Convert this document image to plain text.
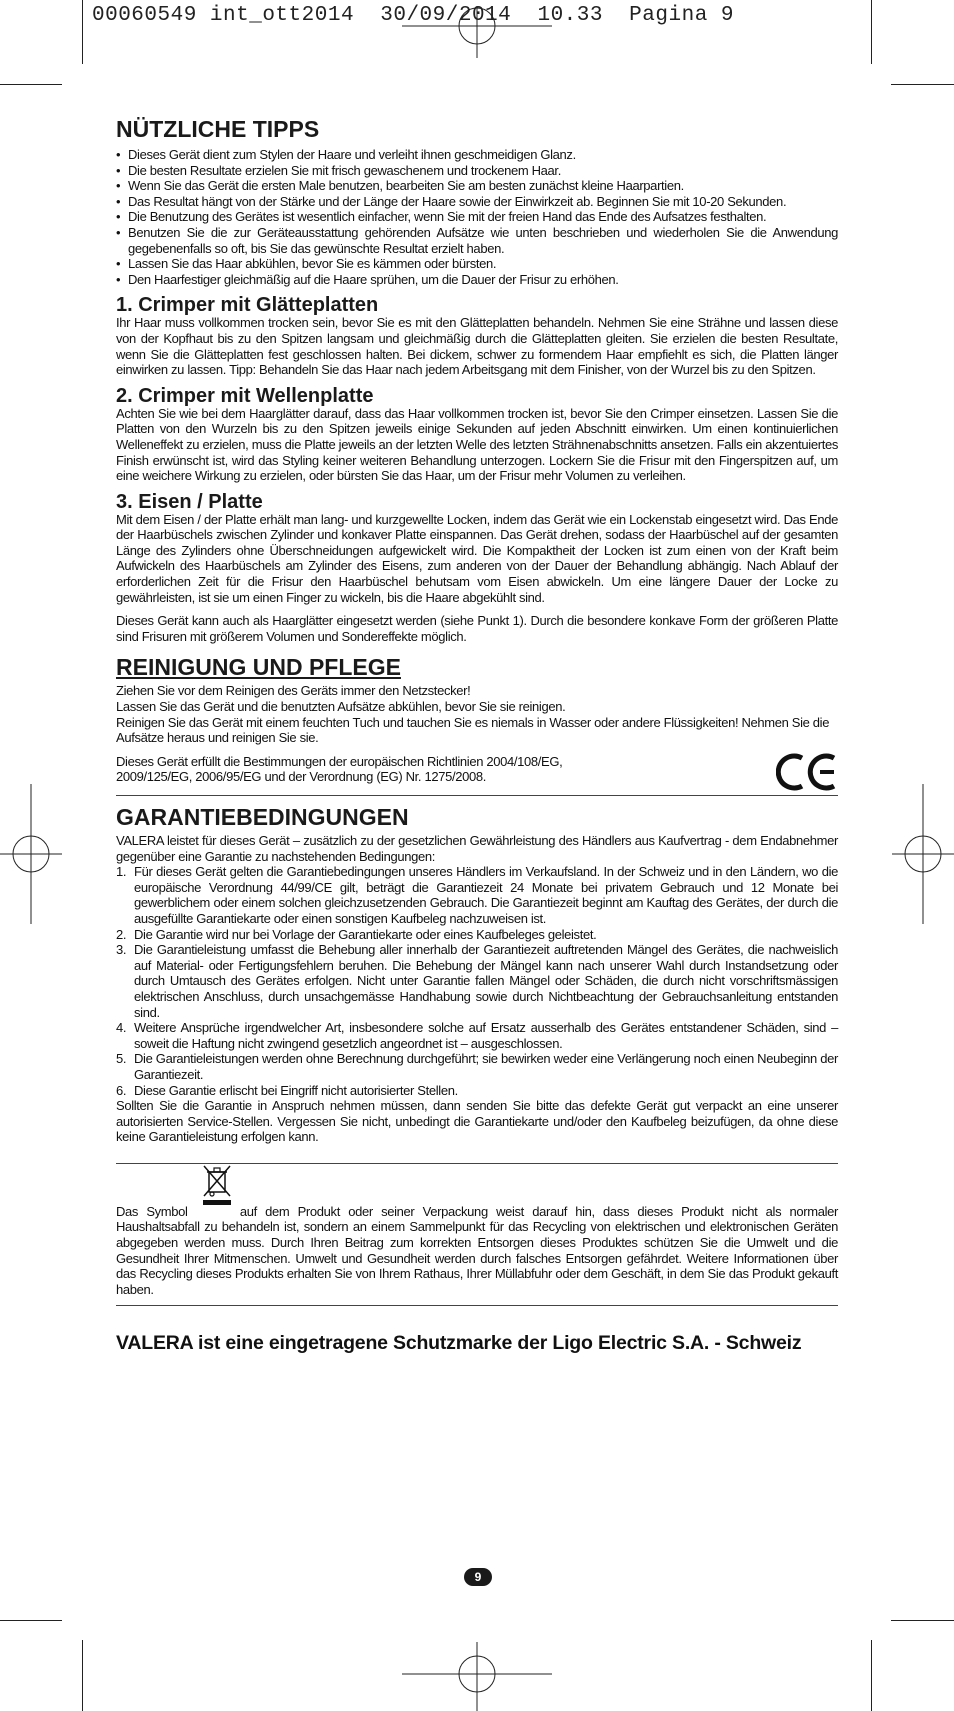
00060549 int_ott2014  30/09/2014  10.33  Pagina 9
NÜTZLICHE TIPPS
• Dieses Gerät dient zum Stylen der Haare und verleiht ihnen geschmeidigen Glanz.
• Die besten Resultate erzielen Sie mit frisch gewaschenem und trockenem Haar.
• Wenn Sie das Gerät die ersten Male benutzen, bearbeiten Sie am besten zunächst kleine Haarpartien.
• Das Resultat hängt von der Stärke und der Länge der Haare sowie der Einwirkzeit ab. Beginnen Sie mit 10-20 Sekunden.
• Die Benutzung des Gerätes ist wesentlich einfacher, wenn Sie mit der freien Hand das Ende des Aufsatzes festhalten.
• Benutzen Sie die zur Geräteausstattung gehörenden Aufsätze wie unten beschrieben und wiederholen Sie die Anwendung gegebenenfalls so oft, bis Sie das gewünschte Resultat erzielt haben.
• Lassen Sie das Haar abkühlen, bevor Sie es kämmen oder bürsten.
• Den Haarfestiger gleichmäßig auf die Haare sprühen, um die Dauer der Frisur zu erhöhen.
1. Crimper mit Glätteplatten

Ihr Haar muss vollkommen trocken sein, bevor Sie es mit den Glätteplatten behandeln. Nehmen Sie eine Strähne und lassen diese von der Kopfhaut bis zu den Spitzen langsam und gleichmäßig durch die Glätteplatten gleiten. Sie erzielen die besten Resultate, wenn Sie die Glätteplatten fest geschlossen halten. Bei dickem, schwer zu formendem Haar empfiehlt es sich, die Platten länger einwirken zu lassen. Tipp: Behandeln Sie das Haar nach jedem Arbeitsgang mit dem Finisher, von der Wurzel bis zu den Spitzen.

2. Crimper mit Wellenplatte

Achten Sie wie bei dem Haarglätter darauf, dass das Haar vollkommen trocken ist, bevor Sie den Crimper einsetzen. Lassen Sie die Platten von den Wurzeln bis zu den Spitzen jeweils einige Sekunden auf jeden Abschnitt einwirken. Um einen kontinuierlichen Welleneffekt zu erzielen, muss die Platte jeweils an der letzten Welle des letzten Strähnenabschnitts ansetzen. Falls ein akzentuiertes Finish erwünscht ist, wird das Styling keiner weiteren Behandlung unterzogen. Lockern Sie die Frisur mit den Fingerspitzen auf, um eine weichere Wirkung zu erzielen, oder bürsten Sie das Haar, um der Frisur mehr Volumen zu verleihen.

3. Eisen / Platte

Mit dem Eisen / der Platte erhält man lang- und kurzgewellte Locken, indem das Gerät wie ein Lockenstab eingesetzt wird. Das Ende der Haarbüschels zwischen Zylinder und konkaver Platte einspannen. Das Gerät drehen, sodass der Haarbüschel auf der gesamten Länge des Zylinders ohne Überschneidungen aufgewickelt wird. Die Kompaktheit der Locken ist zum einen von der Kraft beim Aufwickeln des Haarbüschels am Zylinder des Eisens, zum anderen von der Dauer der Behandlung abhängig. Nach Ablauf der erforderlichen Zeit für die Frisur den Haarbüschel behutsam vom Eisen abwickeln. Um eine längere Dauer der Locke zu gewährleisten, ist sie um einen Finger zu wickeln, bis die Haare abgekühlt sind.

Dieses Gerät kann auch als Haarglätter eingesetzt werden (siehe Punkt 1). Durch die besondere konkave Form der größeren Platte sind Frisuren mit größerem Volumen und Sondereffekte möglich.

REINIGUNG UND PFLEGE

Ziehen Sie vor dem Reinigen des Geräts immer den Netzstecker!

Lassen Sie das Gerät und die benutzten Aufsätze abkühlen, bevor Sie sie reinigen.

Reinigen Sie das Gerät mit einem feuchten Tuch und tauchen Sie es niemals in Wasser oder andere Flüssigkeiten! Nehmen Sie die Aufsätze heraus und reinigen Sie sie.

Dieses Gerät erfüllt die Bestimmungen der europäischen Richtlinien 2004/108/EG,

2009/125/EG, 2006/95/EG und der Verordnung (EG) Nr. 1275/2008.

GARANTIEBEDINGUNGEN

VALERA leistet für dieses Gerät – zusätzlich zu der gesetzlichen Gewährleistung des Händlers aus Kaufvertrag - dem Endabnehmer gegenüber eine Garantie zu nachstehenden Bedingungen:

1. Für dieses Gerät gelten die Garantiebedingungen unseres Händlers im Verkaufsland. In der Schweiz und in den Ländern, wo die europäische Verordnung 44/99/CE gilt, beträgt die Garantiezeit 24 Monate bei privatem Gebrauch und 12 Monate bei gewerblichem oder einem solchen gleichzusetzenden Gebrauch. Die Garantiezeit beginnt am Kauftag des Gerätes, der durch die ausgefüllte Garantiekarte oder einen sonstigen Kaufbeleg nachzuweisen ist.
2. Die Garantie wird nur bei Vorlage der Garantiekarte oder eines Kaufbeleges geleistet.
3. Die Garantieleistung umfasst die Behebung aller innerhalb der Garantiezeit auftretenden Mängel des Gerätes, die nachweislich auf Material- oder Fertigungsfehlern beruhen. Die Behebung der Mängel kann nach unserer Wahl durch Instandsetzung oder durch Umtausch des Gerätes erfolgen. Nicht unter Garantie fallen Mängel oder Schäden, die durch nicht vorschriftsmässigen elektrischen Anschluss, durch unsachgemässe Handhabung sowie durch Nichtbeachtung der Gebrauchsanleitung entstanden sind.
4. Weitere Ansprüche irgendwelcher Art, insbesondere solche auf Ersatz ausserhalb des Gerätes entstandener Schäden, sind – soweit die Haftung nicht zwingend gesetzlich angeordnet ist – ausgeschlossen.
5. Die Garantieleistungen werden ohne Berechnung durchgeführt; sie bewirken weder eine Verlängerung noch einen Neubeginn der Garantiezeit.
6. Diese Garantie erlischt bei Eingriff nicht autorisierter Stellen.

Sollten Sie die Garantie in Anspruch nehmen müssen, dann senden Sie bitte das defekte Gerät gut verpackt an eine unserer autorisierten Service-Stellen. Vergessen Sie nicht, unbedingt die Garantiekarte und/oder den Kaufbeleg beizufügen, da ohne diese keine Garantieleistung erfolgen kann.

Das Symbol	auf dem Produkt oder seiner Verpackung weist darauf hin, dass dieses Produkt nicht als normaler Haushaltsabfall zu behandeln ist, sondern an einem Sammelpunkt für das Recycling von elektrischen und elektronischen Geräten abgegeben werden muss. Durch Ihren Beitrag zum korrekten Entsorgen dieses Produktes schützen Sie die Umwelt und die Gesundheit Ihrer Mitmenschen. Umwelt und Gesundheit werden durch falsches Entsorgen gefährdet. Weitere Informationen über das Recycling dieses Produkts erhalten Sie von Ihrem Rathaus, Ihrer Müllabfuhr oder dem Geschäft, in dem Sie das Produkt gekauft haben.

VALERA ist eine eingetragene Schutzmarke der Ligo Electric S.A. - Schweiz
9
